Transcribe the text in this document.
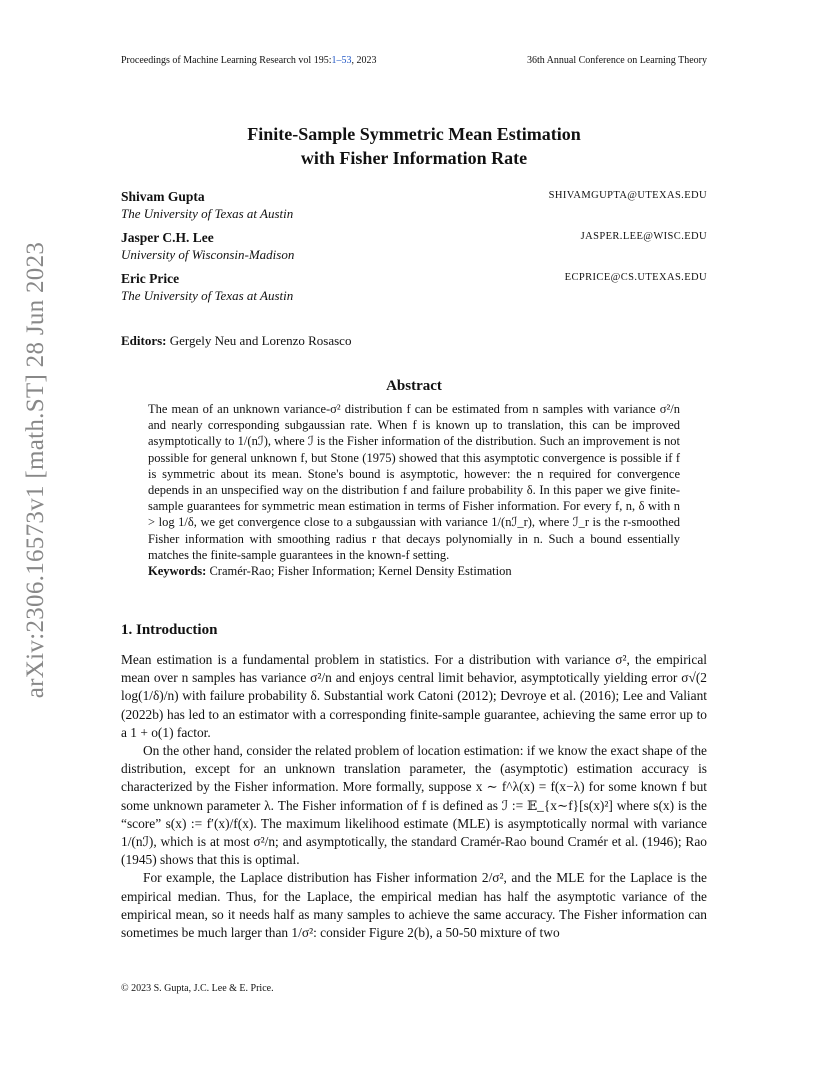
arXiv:2306.16573v1 [math.ST] 28 Jun 2023
Proceedings of Machine Learning Research vol 195:1–53, 2023	36th Annual Conference on Learning Theory
Finite-Sample Symmetric Mean Estimation
with Fisher Information Rate
Shivam Gupta
The University of Texas at Austin
SHIVAMGUPTA@UTEXAS.EDU
Jasper C.H. Lee
University of Wisconsin-Madison
JASPER.LEE@WISC.EDU
Eric Price
The University of Texas at Austin
ECPRICE@CS.UTEXAS.EDU
Editors: Gergely Neu and Lorenzo Rosasco
Abstract

The mean of an unknown variance-σ² distribution f can be estimated from n samples with variance σ²/n and nearly corresponding subgaussian rate. When f is known up to translation, this can be improved asymptotically to 1/(nℐ), where ℐ is the Fisher information of the distribution. Such an improvement is not possible for general unknown f, but Stone (1975) showed that this asymptotic convergence is possible if f is symmetric about its mean. Stone's bound is asymptotic, however: the n required for convergence depends in an unspecified way on the distribution f and failure probability δ. In this paper we give finite-sample guarantees for symmetric mean estimation in terms of Fisher information. For every f, n, δ with n > log 1/δ, we get convergence close to a subgaussian with variance 1/(nℐ_r), where ℐ_r is the r-smoothed Fisher information with smoothing radius r that decays polynomially in n. Such a bound essentially matches the finite-sample guarantees in the known-f setting.

Keywords: Cramér-Rao; Fisher Information; Kernel Density Estimation

1. Introduction

Mean estimation is a fundamental problem in statistics. For a distribution with variance σ², the empirical mean over n samples has variance σ²/n and enjoys central limit behavior, asymptotically yielding error σ√(2 log(1/δ)/n) with failure probability δ. Substantial work Catoni (2012); Devroye et al. (2016); Lee and Valiant (2022b) has led to an estimator with a corresponding finite-sample guarantee, achieving the same error up to a 1 + o(1) factor.

On the other hand, consider the related problem of location estimation: if we know the exact shape of the distribution, except for an unknown translation parameter, the (asymptotic) estimation accuracy is characterized by the Fisher information. More formally, suppose x ∼ f^λ(x) = f(x−λ) for some known f but some unknown parameter λ. The Fisher information of f is defined as ℐ := 𝔼_{x∼f}[s(x)²] where s(x) is the “score” s(x) := f′(x)/f(x). The maximum likelihood estimate (MLE) is asymptotically normal with variance 1/(nℐ), which is at most σ²/n; and asymptotically, the standard Cramér-Rao bound Cramér et al. (1946); Rao (1945) shows that this is optimal.

For example, the Laplace distribution has Fisher information 2/σ², and the MLE for the Laplace is the empirical median. Thus, for the Laplace, the empirical median has half the asymptotic variance of the empirical mean, so it needs half as many samples to achieve the same accuracy. The Fisher information can sometimes be much larger than 1/σ²: consider Figure 2(b), a 50-50 mixture of two

© 2023 S. Gupta, J.C. Lee & E. Price.
